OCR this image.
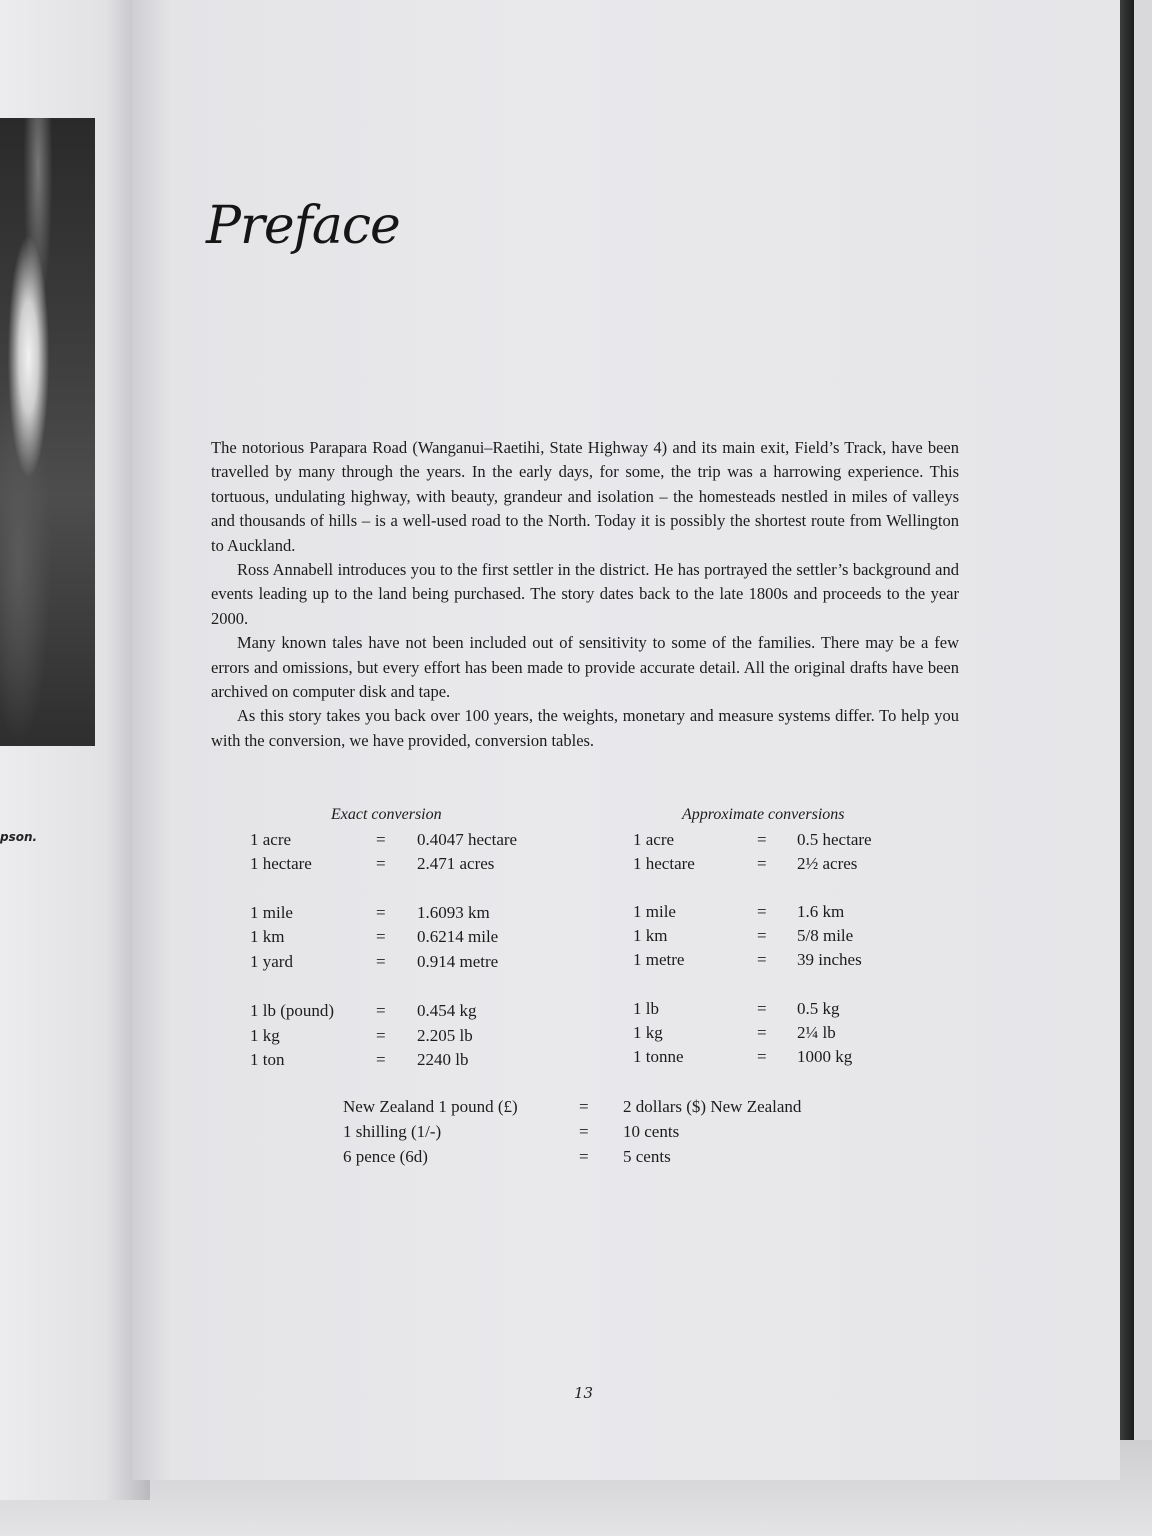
pson.
Preface

The notorious Parapara Road (Wanganui–Raetihi, State Highway 4) and its main exit, Field’s Track, have been travelled by many through the years. In the early days, for some, the trip was a harrowing experience. This tortuous, undulating highway, with beauty, grandeur and isolation – the homesteads nestled in miles of valleys and thousands of hills – is a well-used road to the North. Today it is possibly the shortest route from Wellington to Auckland.

Ross Annabell introduces you to the first settler in the district. He has portrayed the settler’s background and events leading up to the land being purchased. The story dates back to the late 1800s and proceeds to the year 2000.

Many known tales have not been included out of sensitivity to some of the families. There may be a few errors and omissions, but every effort has been made to provide accurate detail. All the original drafts have been archived on computer disk and tape.

As this story takes you back over 100 years, the weights, monetary and measure systems differ. To help you with the conversion, we have provided, conversion tables.

Exact conversion
1 acre	= 0.4047 hectare
1 hectare	= 2.471 acres
1 mile	= 1.6093 km
1 km	= 0.6214 mile
1 yard	= 0.914 metre
1 lb (pound) = 0.454 kg
1 kg	= 2.205 lb
1 ton	= 2240 lb
Approximate conversions
1 acre	= 0.5 hectare
1 hectare	= 2½ acres
1 mile	= 1.6 km
1 km	= 5/8 mile
1 metre	= 39 inches
1 lb	= 0.5 kg
1 kg	= 2¼ lb
1 tonne	= 1000 kg
New Zealand 1 pound (£)	= 2 dollars ($) New Zealand
1 shilling (1/-)	= 10 cents
6 pence (6d)	= 5 cents
13
